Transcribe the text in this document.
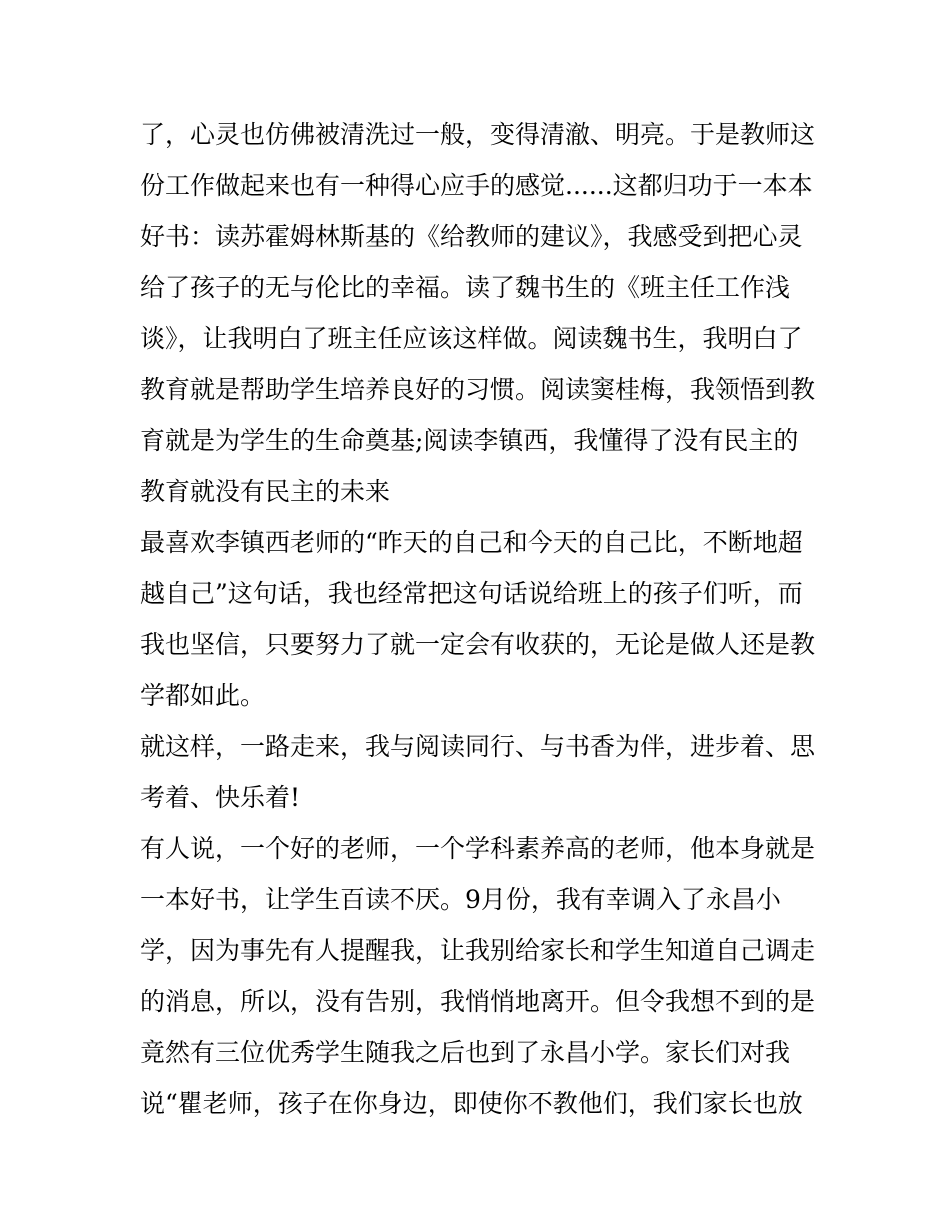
了，心灵也仿佛被清洗过一般，变得清澈、明亮。于是教师这

份工作做起来也有一种得心应手的感觉......这都归功于一本本

好书：读苏霍姆林斯基的《给教师的建议》，我感受到把心灵

给了孩子的无与伦比的幸福。读了魏书生的《班主任工作浅

谈》，让我明白了班主任应该这样做。阅读魏书生，我明白了

教育就是帮助学生培养良好的习惯。阅读窦桂梅，我领悟到教

育就是为学生的生命奠基;阅读李镇西，我懂得了没有民主的

教育就没有民主的未来

最喜欢李镇西老师的“昨天的自己和今天的自己比，不断地超

越自己”这句话，我也经常把这句话说给班上的孩子们听，而

我也坚信，只要努力了就一定会有收获的，无论是做人还是教

学都如此。

就这样，一路走来，我与阅读同行、与书香为伴，进步着、思

考着、快乐着!

有人说，一个好的老师，一个学科素养高的老师，他本身就是

一本好书，让学生百读不厌。9月份，我有幸调入了永昌小

学，因为事先有人提醒我，让我别给家长和学生知道自己调走

的消息，所以，没有告别，我悄悄地离开。但令我想不到的是

竟然有三位优秀学生随我之后也到了永昌小学。家长们对我

说“瞿老师，孩子在你身边，即使你不教他们，我们家长也放
